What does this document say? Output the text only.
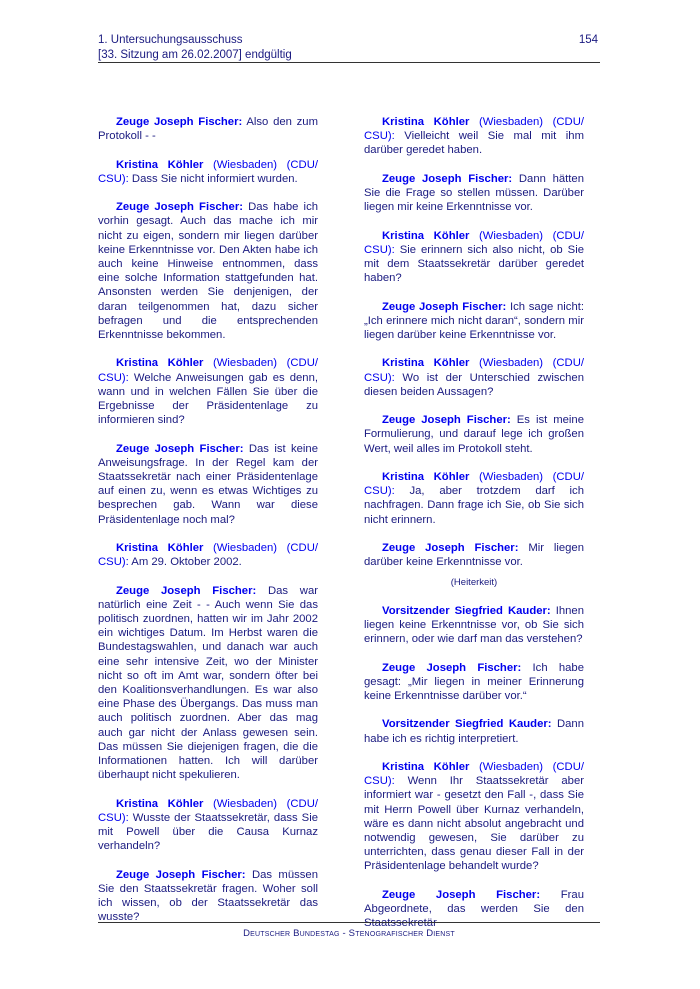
1. Untersuchungsausschuss
[33. Sitzung am 26.02.2007] endgültig
154

Zeuge Joseph Fischer: Also den zum Protokoll - -

Kristina Köhler (Wiesbaden) (CDU/ CSU): Dass Sie nicht informiert wurden.

Zeuge Joseph Fischer: Das habe ich vorhin gesagt. Auch das mache ich mir nicht zu eigen, sondern mir liegen darüber keine Erkenntnisse vor. Den Akten habe ich auch keine Hinweise entnommen, dass eine solche Information stattgefunden hat. Ansonsten werden Sie denjenigen, der daran teilgenommen hat, dazu sicher befragen und die entsprechenden Erkenntnisse bekommen.

Kristina Köhler (Wiesbaden) (CDU/ CSU): Welche Anweisungen gab es denn, wann und in welchen Fällen Sie über die Ergebnisse der Präsidentenlage zu informieren sind?

Zeuge Joseph Fischer: Das ist keine Anweisungsfrage. In der Regel kam der Staatssekretär nach einer Präsidentenlage auf einen zu, wenn es etwas Wichtiges zu besprechen gab. Wann war diese Präsidentenlage noch mal?

Kristina Köhler (Wiesbaden) (CDU/ CSU): Am 29. Oktober 2002.

Zeuge Joseph Fischer: Das war natürlich eine Zeit - - Auch wenn Sie das politisch zuordnen, hatten wir im Jahr 2002 ein wichtiges Datum. Im Herbst waren die Bundestagswahlen, und danach war auch eine sehr intensive Zeit, wo der Minister nicht so oft im Amt war, sondern öfter bei den Koalitionsverhandlungen. Es war also eine Phase des Übergangs. Das muss man auch politisch zuordnen. Aber das mag auch gar nicht der Anlass gewesen sein. Das müssen Sie diejenigen fragen, die die Informationen hatten. Ich will darüber überhaupt nicht spekulieren.

Kristina Köhler (Wiesbaden) (CDU/ CSU): Wusste der Staatssekretär, dass Sie mit Powell über die Causa Kurnaz verhandeln?

Zeuge Joseph Fischer: Das müssen Sie den Staatssekretär fragen. Woher soll ich wissen, ob der Staatssekretär das wusste?

Kristina Köhler (Wiesbaden) (CDU/ CSU): Vielleicht weil Sie mal mit ihm darüber geredet haben.

Zeuge Joseph Fischer: Dann hätten Sie die Frage so stellen müssen. Darüber liegen mir keine Erkenntnisse vor.

Kristina Köhler (Wiesbaden) (CDU/ CSU): Sie erinnern sich also nicht, ob Sie mit dem Staatssekretär darüber geredet haben?

Zeuge Joseph Fischer: Ich sage nicht: „Ich erinnere mich nicht daran“, sondern mir liegen darüber keine Erkenntnisse vor.

Kristina Köhler (Wiesbaden) (CDU/ CSU): Wo ist der Unterschied zwischen diesen beiden Aussagen?

Zeuge Joseph Fischer: Es ist meine Formulierung, und darauf lege ich großen Wert, weil alles im Protokoll steht.

Kristina Köhler (Wiesbaden) (CDU/ CSU): Ja, aber trotzdem darf ich nachfragen. Dann frage ich Sie, ob Sie sich nicht erinnern.

Zeuge Joseph Fischer: Mir liegen darüber keine Erkenntnisse vor.

(Heiterkeit)

Vorsitzender Siegfried Kauder: Ihnen liegen keine Erkenntnisse vor, ob Sie sich erinnern, oder wie darf man das verstehen?

Zeuge Joseph Fischer: Ich habe gesagt: „Mir liegen in meiner Erinnerung keine Erkenntnisse darüber vor.“

Vorsitzender Siegfried Kauder: Dann habe ich es richtig interpretiert.

Kristina Köhler (Wiesbaden) (CDU/ CSU): Wenn Ihr Staatssekretär aber informiert war - gesetzt den Fall -, dass Sie mit Herrn Powell über Kurnaz verhandeln, wäre es dann nicht absolut angebracht und notwendig gewesen, Sie darüber zu unterrichten, dass genau dieser Fall in der Präsidentenlage behandelt wurde?

Zeuge Joseph Fischer: Frau Abgeordnete, das werden Sie den Staatssekretär

Deutscher Bundestag - Stenografischer Dienst
